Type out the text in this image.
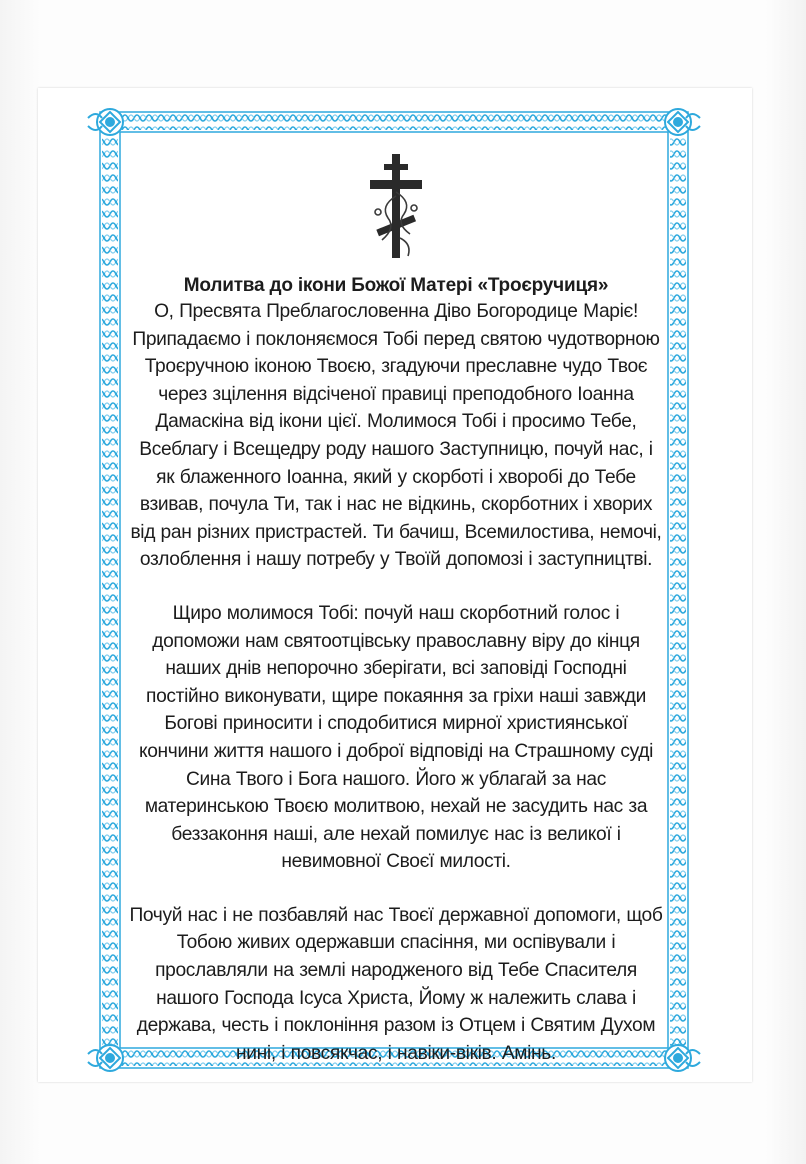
Молитва до ікони Божої Матері «Троєручиця»
О, Пресвята Преблагословенна Діво Богородице Маріє!
Припадаємо і поклоняємося Тобі перед святою чудотворною
Троєручною іконою Твоєю, згадуючи преславне чудо Твоє
через зцілення відсіченої правиці преподобного Іоанна
Дамаскіна від ікони цієї. Молимося Тобі і просимо Тебе,
Всеблагу і Всещедру роду нашого Заступницю, почуй нас, і
як блаженного Іоанна, який у скорботі і хворобі до Тебе
взивав, почула Ти, так і нас не відкинь, скорботних і хворих
від ран різних пристрастей. Ти бачиш, Всемилостива, немочі,
озлоблення і нашу потребу у Твоїй допомозі і заступництві.
Щиро молимося Тобі: почуй наш скорботний голос і
допоможи нам святоотцівську православну віру до кінця
наших днів непорочно зберігати, всі заповіді Господні
постійно виконувати, щире покаяння за гріхи наші завжди
Богові приносити і сподобитися мирної християнської
кончини життя нашого і доброї відповіді на Страшному суді
Сина Твого і Бога нашого. Його ж ублагай за нас
материнською Твоєю молитвою, нехай не засудить нас за
беззаконня наші, але нехай помилує нас із великої і
невимовної Своєї милості.
Почуй нас і не позбавляй нас Твоєї державної допомоги, щоб
Тобою живих одержавши спасіння, ми оспівували і
прославляли на землі народженого від Тебе Спасителя
нашого Господа Ісуса Христа, Йому ж належить слава і
держава, честь і поклоніння разом із Отцем і Святим Духом
нині, і повсякчас, і навіки-віків. Амінь.
